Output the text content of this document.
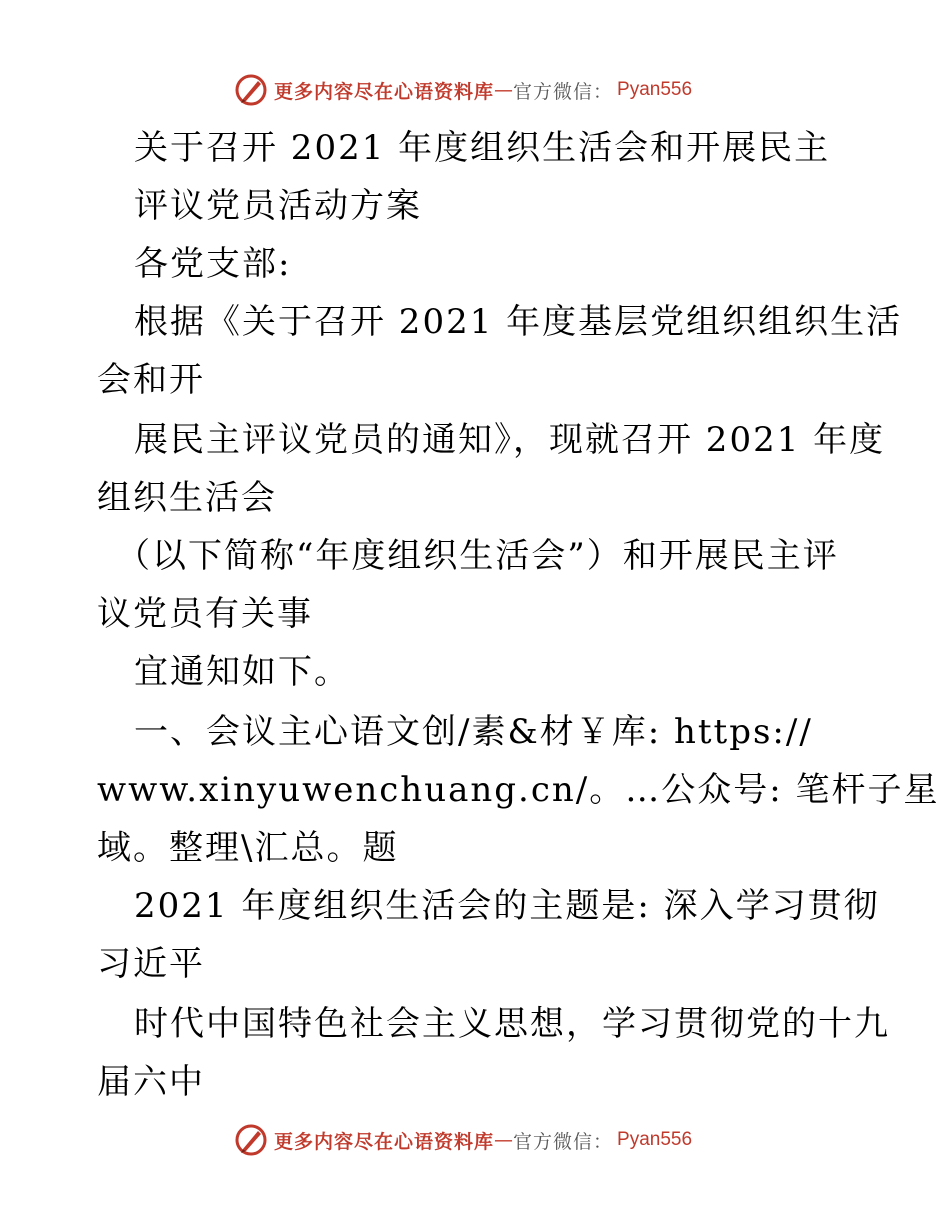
更多内容尽在心语资料库 — 官方微信： Pyan556
关于召开 2021 年度组织生活会和开展民主
评议党员活动方案
各党支部:
根据《关于召开 2021 年度基层党组织组织生活
会和开
展民主评议党员的通知》，现就召开 2021 年度
组织生活会
（以下简称“年度组织生活会”）和开展民主评
议党员有关事
宜通知如下。
一、会议主心语文创/素&材￥库: https://
www.xinyuwenchuang.cn/。…公众号: 笔杆子星
域。整理\汇总。题
2021 年度组织生活会的主题是: 深入学习贯彻
习近平
时代中国特色社会主义思想，学习贯彻党的十九
届六中
更多内容尽在心语资料库 — 官方微信： Pyan556
